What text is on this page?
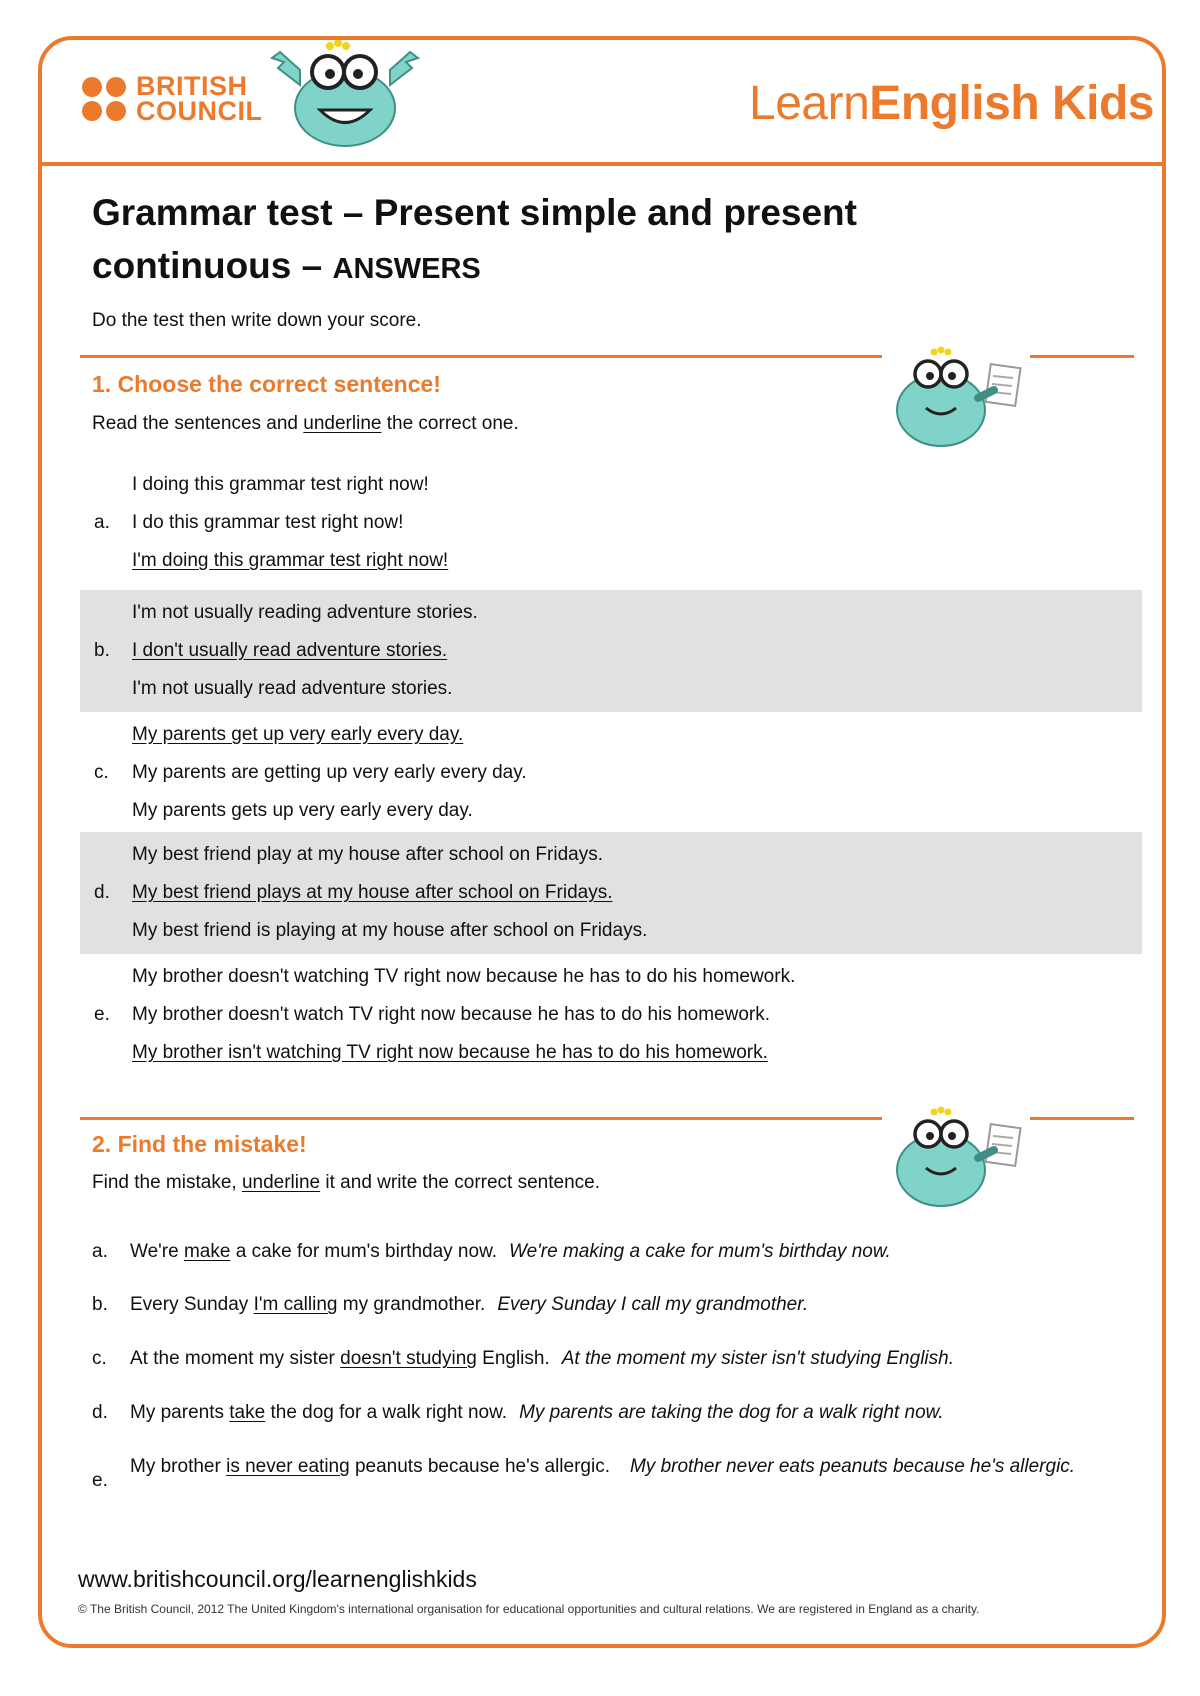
BRITISH
COUNCIL	LearnEnglish Kids
Grammar test – Present simple and present
continuous – ANSWERS
Do the test then write down your score.
1. Choose the correct sentence!
Read the sentences and underline the correct one.
a.
I doing this grammar test right now!
I do this grammar test right now!
I'm doing this grammar test right now!
b.
I'm not usually reading adventure stories.
I don't usually read adventure stories.
I'm not usually read adventure stories.
c.
My parents get up very early every day.
My parents are getting up very early every day.
My parents gets up very early every day.
d.
My best friend play at my house after school on Fridays.
My best friend plays at my house after school on Fridays.
My best friend is playing at my house after school on Fridays.
e.
My brother doesn't watching TV right now because he has to do his homework.
My brother doesn't watch TV right now because he has to do his homework.
My brother isn't watching TV right now because he has to do his homework.
2. Find the mistake!
Find the mistake, underline it and write the correct sentence.
a. We're make a cake for mum's birthday now. We're making a cake for mum's birthday now.
b. Every Sunday I'm calling my grandmother. Every Sunday I call my grandmother.
c. At the moment my sister doesn't studying English. At the moment my sister isn't studying English.
d. My parents take the dog for a walk right now. My parents are taking the dog for a walk right now.
e.
My brother is never eating peanuts because he's allergic. My brother never eats peanuts because he's allergic.
www.britishcouncil.org/learnenglishkids
© The British Council, 2012 The United Kingdom's international organisation for educational opportunities and cultural relations. We are registered in England as a charity.
